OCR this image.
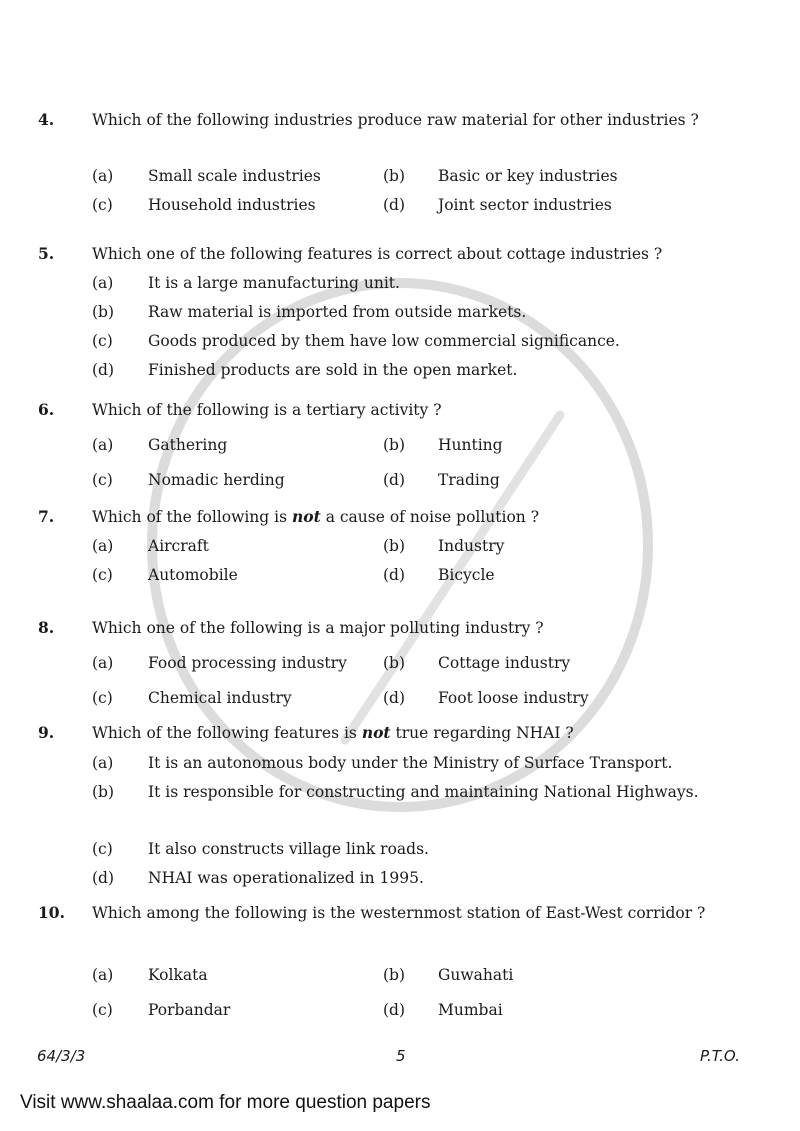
4. Which of the following industries produce raw material for other industries ?
(a)	Small scale industries	(b)	Basic or key industries
(c)	Household industries	(d)	Joint sector industries
5. Which one of the following features is correct about cottage industries ?
(a)	It is a large manufacturing unit.
(b)	Raw material is imported from outside markets.
(c)	Goods produced by them have low commercial significance.
(d)	Finished products are sold in the open market.
6. Which of the following is a tertiary activity ?
(a)	Gathering	(b)	Hunting
(c)	Nomadic herding	(d)	Trading
7. Which of the following is not a cause of noise pollution ?
(a)	Aircraft	(b)	Industry
(c)	Automobile	(d)	Bicycle
8. Which one of the following is a major polluting industry ?
(a)	Food processing industry (b)	Cottage industry
(c)	Chemical industry	(d)	Foot loose industry
9. Which of the following features is not true regarding NHAI ?
(a)	It is an autonomous body under the Ministry of Surface Transport.
(b)	It is responsible for constructing and maintaining National Highways.
(c)	It also constructs village link roads.
(d)	NHAI was operationalized in 1995.
10. Which among the following is the westernmost station of East-West corridor ?
(a)	Kolkata	(b)	Guwahati
(c)	Porbandar	(d)	Mumbai
64/3/3	5	P.T.O.
Visit www.shaalaa.com for more question papers
